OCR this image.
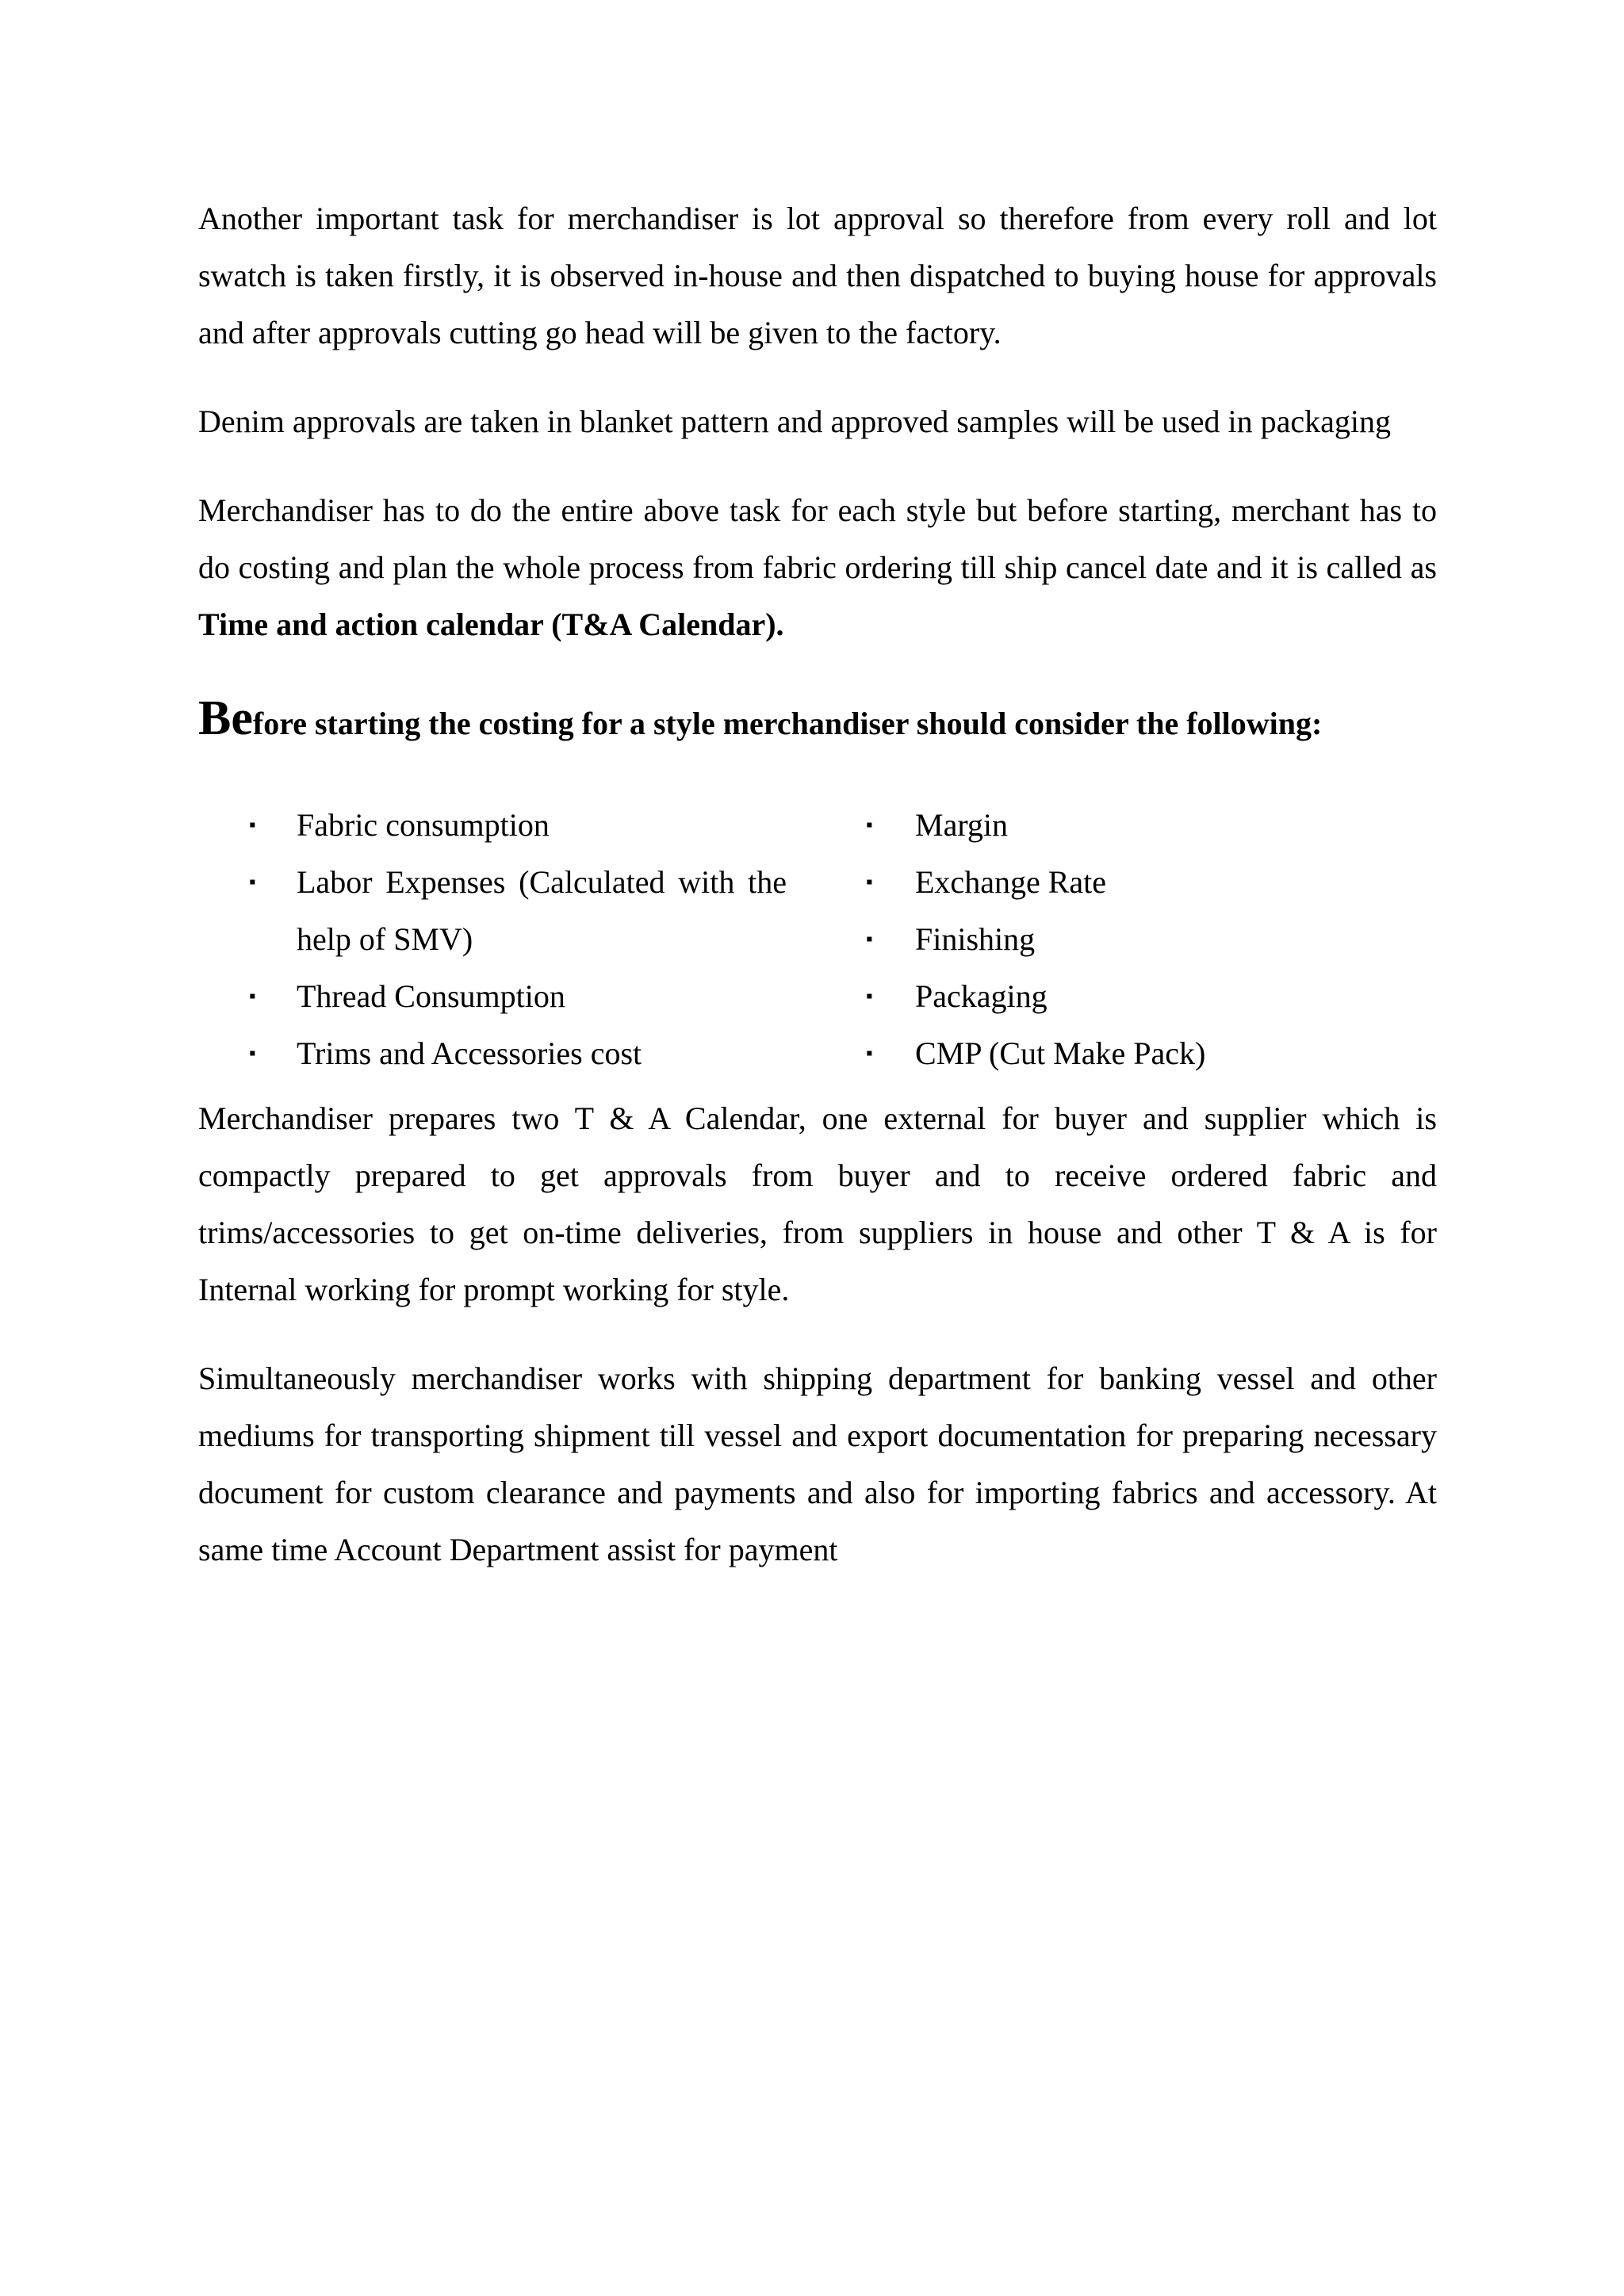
Another important task for merchandiser is lot approval so therefore from every roll and lot swatch is taken firstly, it is observed in-house and then dispatched to buying house for approvals and after approvals cutting go head will be given to the factory.

Denim approvals are taken in blanket pattern and approved samples will be used in packaging

Merchandiser has to do the entire above task for each style but before starting, merchant has to do costing and plan the whole process from fabric ordering till ship cancel date and it is called as Time and action calendar (T&A Calendar).

Before starting the costing for a style merchandiser should consider the following:
▪ Fabric consumption
▪ Labor Expenses (Calculated with the help of SMV)
▪ Thread Consumption
▪ Trims and Accessories cost
▪ Margin
▪ Exchange Rate
▪ Finishing
▪ Packaging
▪ CMP (Cut Make Pack)

Merchandiser prepares two T & A Calendar, one external for buyer and supplier which is compactly prepared to get approvals from buyer and to receive ordered fabric and trims/accessories to get on-time deliveries, from suppliers in house and other T & A is for Internal working for prompt working for style.

Simultaneously merchandiser works with shipping department for banking vessel and other mediums for transporting shipment till vessel and export documentation for preparing necessary document for custom clearance and payments and also for importing fabrics and accessory. At same time Account Department assist for payment
